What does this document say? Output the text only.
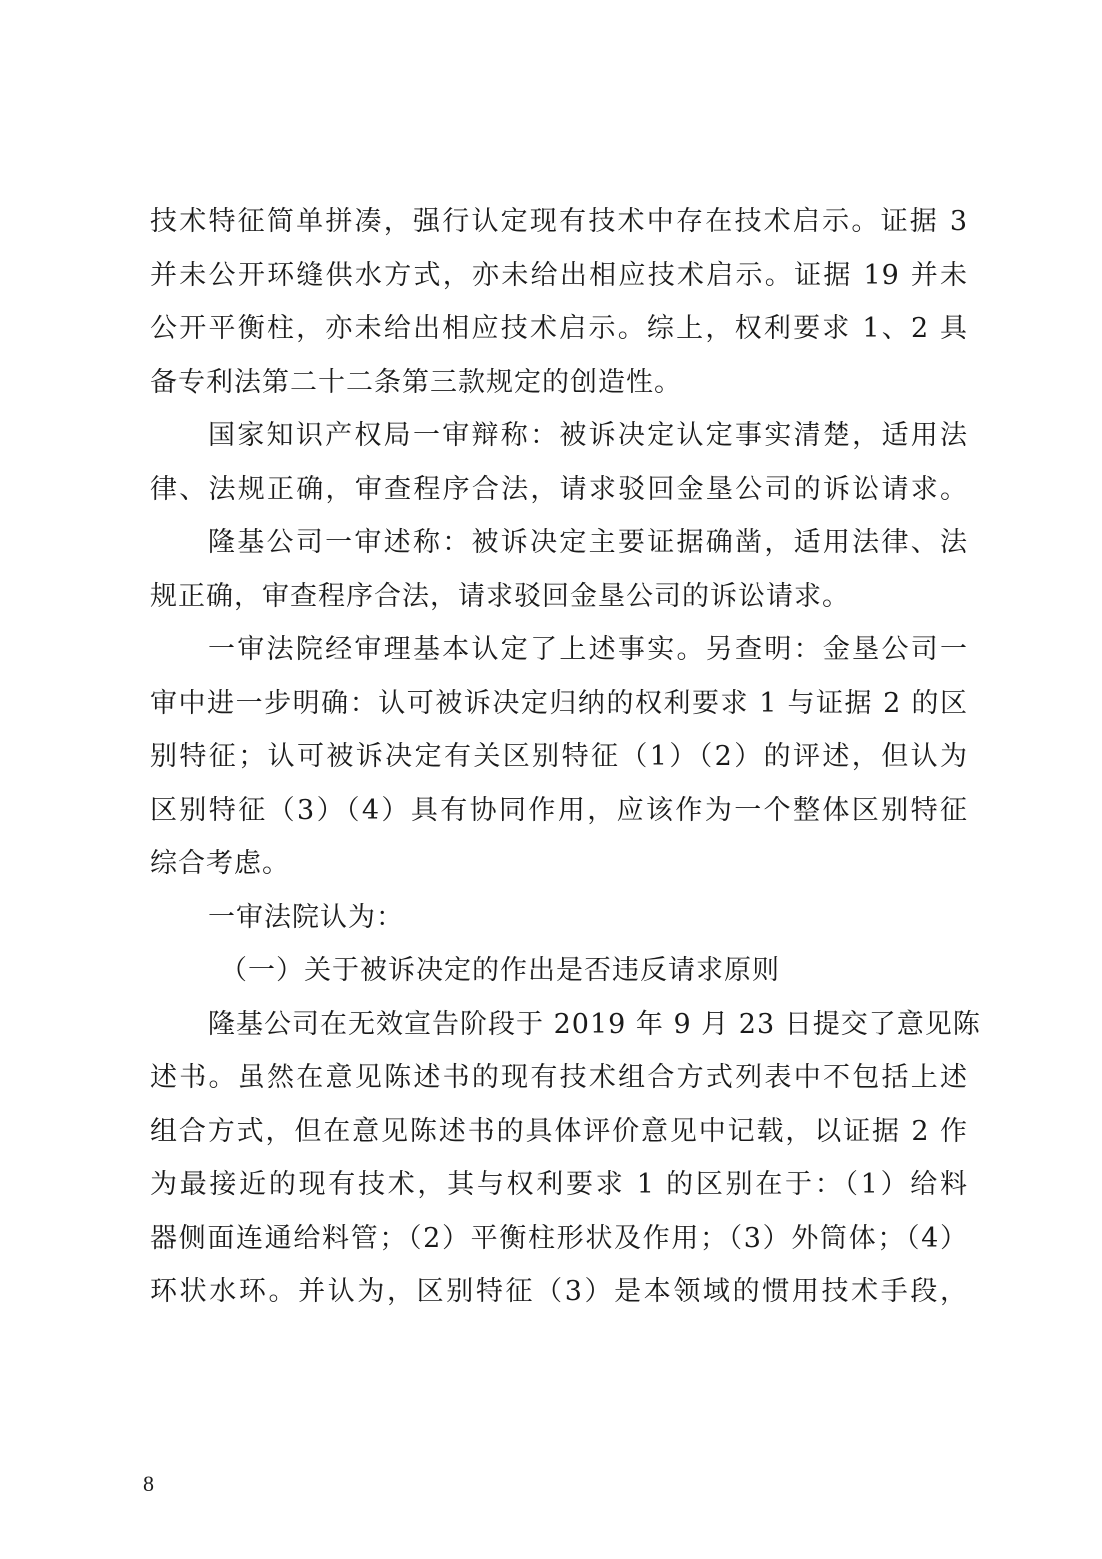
技术特征简单拼凑，强行认定现有技术中存在技术启示。证据 3
并未公开环缝供水方式，亦未给出相应技术启示。证据 19 并未
公开平衡柱，亦未给出相应技术启示。综上，权利要求 1、2 具
备专利法第二十二条第三款规定的创造性。
国家知识产权局一审辩称：被诉决定认定事实清楚，适用法
律、法规正确，审查程序合法，请求驳回金垦公司的诉讼请求。
隆基公司一审述称：被诉决定主要证据确凿，适用法律、法
规正确，审查程序合法，请求驳回金垦公司的诉讼请求。
一审法院经审理基本认定了上述事实。另查明：金垦公司一
审中进一步明确：认可被诉决定归纳的权利要求 1 与证据 2 的区
别特征；认可被诉决定有关区别特征（1）（2）的评述，但认为
区别特征（3）（4）具有协同作用，应该作为一个整体区别特征
综合考虑。
一审法院认为：
（一）关于被诉决定的作出是否违反请求原则
隆基公司在无效宣告阶段于 2019 年 9 月 23 日提交了意见陈
述书。虽然在意见陈述书的现有技术组合方式列表中不包括上述
组合方式，但在意见陈述书的具体评价意见中记载，以证据 2 作
为最接近的现有技术，其与权利要求 1 的区别在于：（1）给料
器侧面连通给料管；（2）平衡柱形状及作用；（3）外筒体；（4）
环状水环。并认为，区别特征（3）是本领域的惯用技术手段，
8
